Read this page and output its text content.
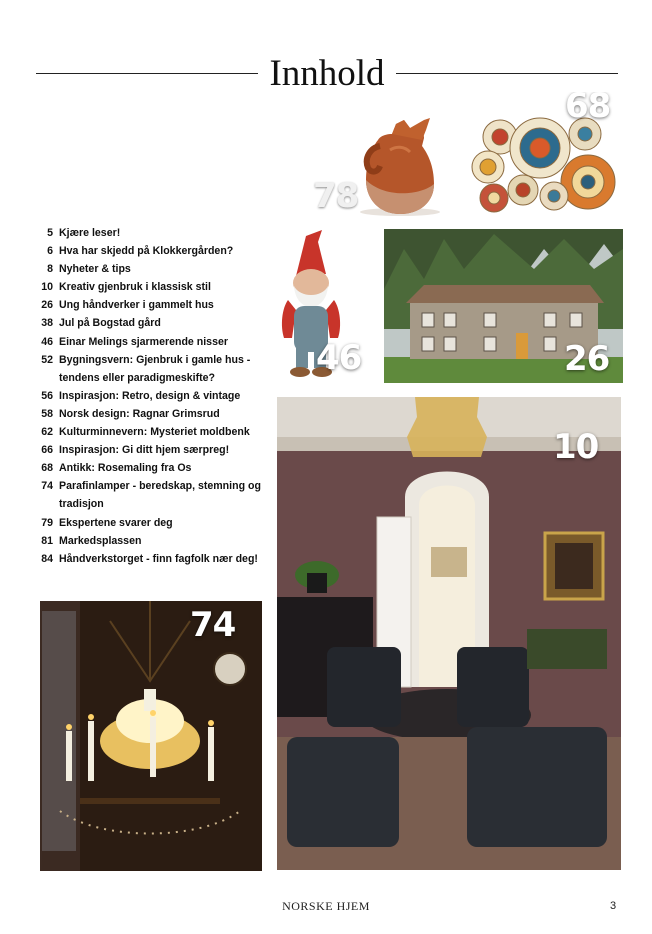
Innhold
5 Kjære leser!
6 Hva har skjedd på Klokkergården?
8 Nyheter & tips
10 Kreativ gjenbruk i klassisk stil
26 Ung håndverker i gammelt hus
38 Jul på Bogstad gård
46 Einar Melings sjarmerende nisser
52 Bygningsvern: Gjenbruk i gamle hus - tendens eller paradigmeskifte?
56 Inspirasjon: Retro, design & vintage
58 Norsk design: Ragnar Grimsrud
62 Kulturminnevern: Mysteriet moldbenk
66 Inspirasjon: Gi ditt hjem særpreg!
68 Antikk: Rosemaling fra Os
74 Parafinlamper - beredskap, stemning og tradisjon
79 Ekspertene svarer deg
81 Markedsplassen
84 Håndverkstorget - finn fagfolk nær deg!
78
68
46	26
10
74
NORSKE HJEM	3
